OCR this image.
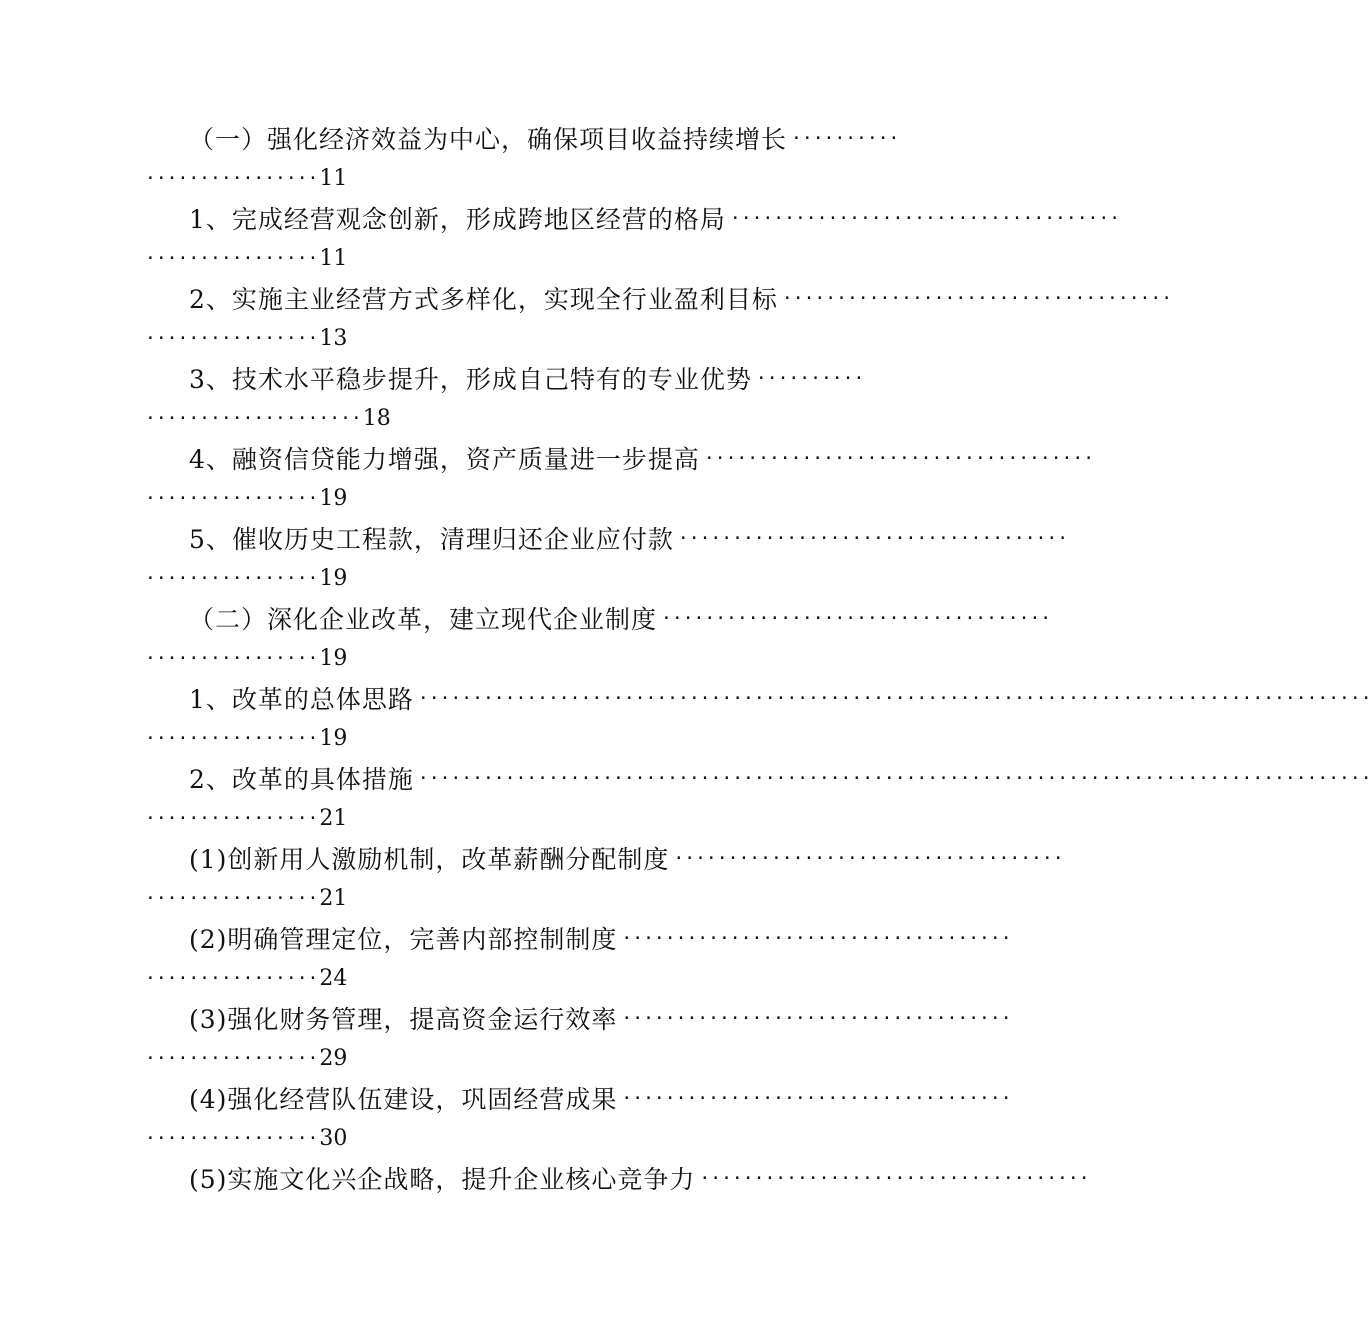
（一）强化经济效益为中心，确保项目收益持续增长 ··········
················ 11
1、完成经营观念创新，形成跨地区经营的格局 ····································
················ 11
2、实施主业经营方式多样化，实现全行业盈利目标 ····································
················ 13
3、技术水平稳步提升，形成自己特有的专业优势 ··········
···················· 18
4、融资信贷能力增强，资产质量进一步提高 ····································
················ 19
5、催收历史工程款，清理归还企业应付款 ····································
················ 19
（二）深化企业改革，建立现代企业制度 ····································
················ 19
1、改革的总体思路 ························································································
················ 19
2、改革的具体措施 ························································································
················ 21
(1)创新用人激励机制，改革薪酬分配制度 ····································
················ 21
(2)明确管理定位，完善内部控制制度 ····································
················ 24
(3)强化财务管理，提高资金运行效率 ····································
················ 29
(4)强化经营队伍建设，巩固经营成果 ····································
················ 30
(5)实施文化兴企战略，提升企业核心竞争力 ····································
